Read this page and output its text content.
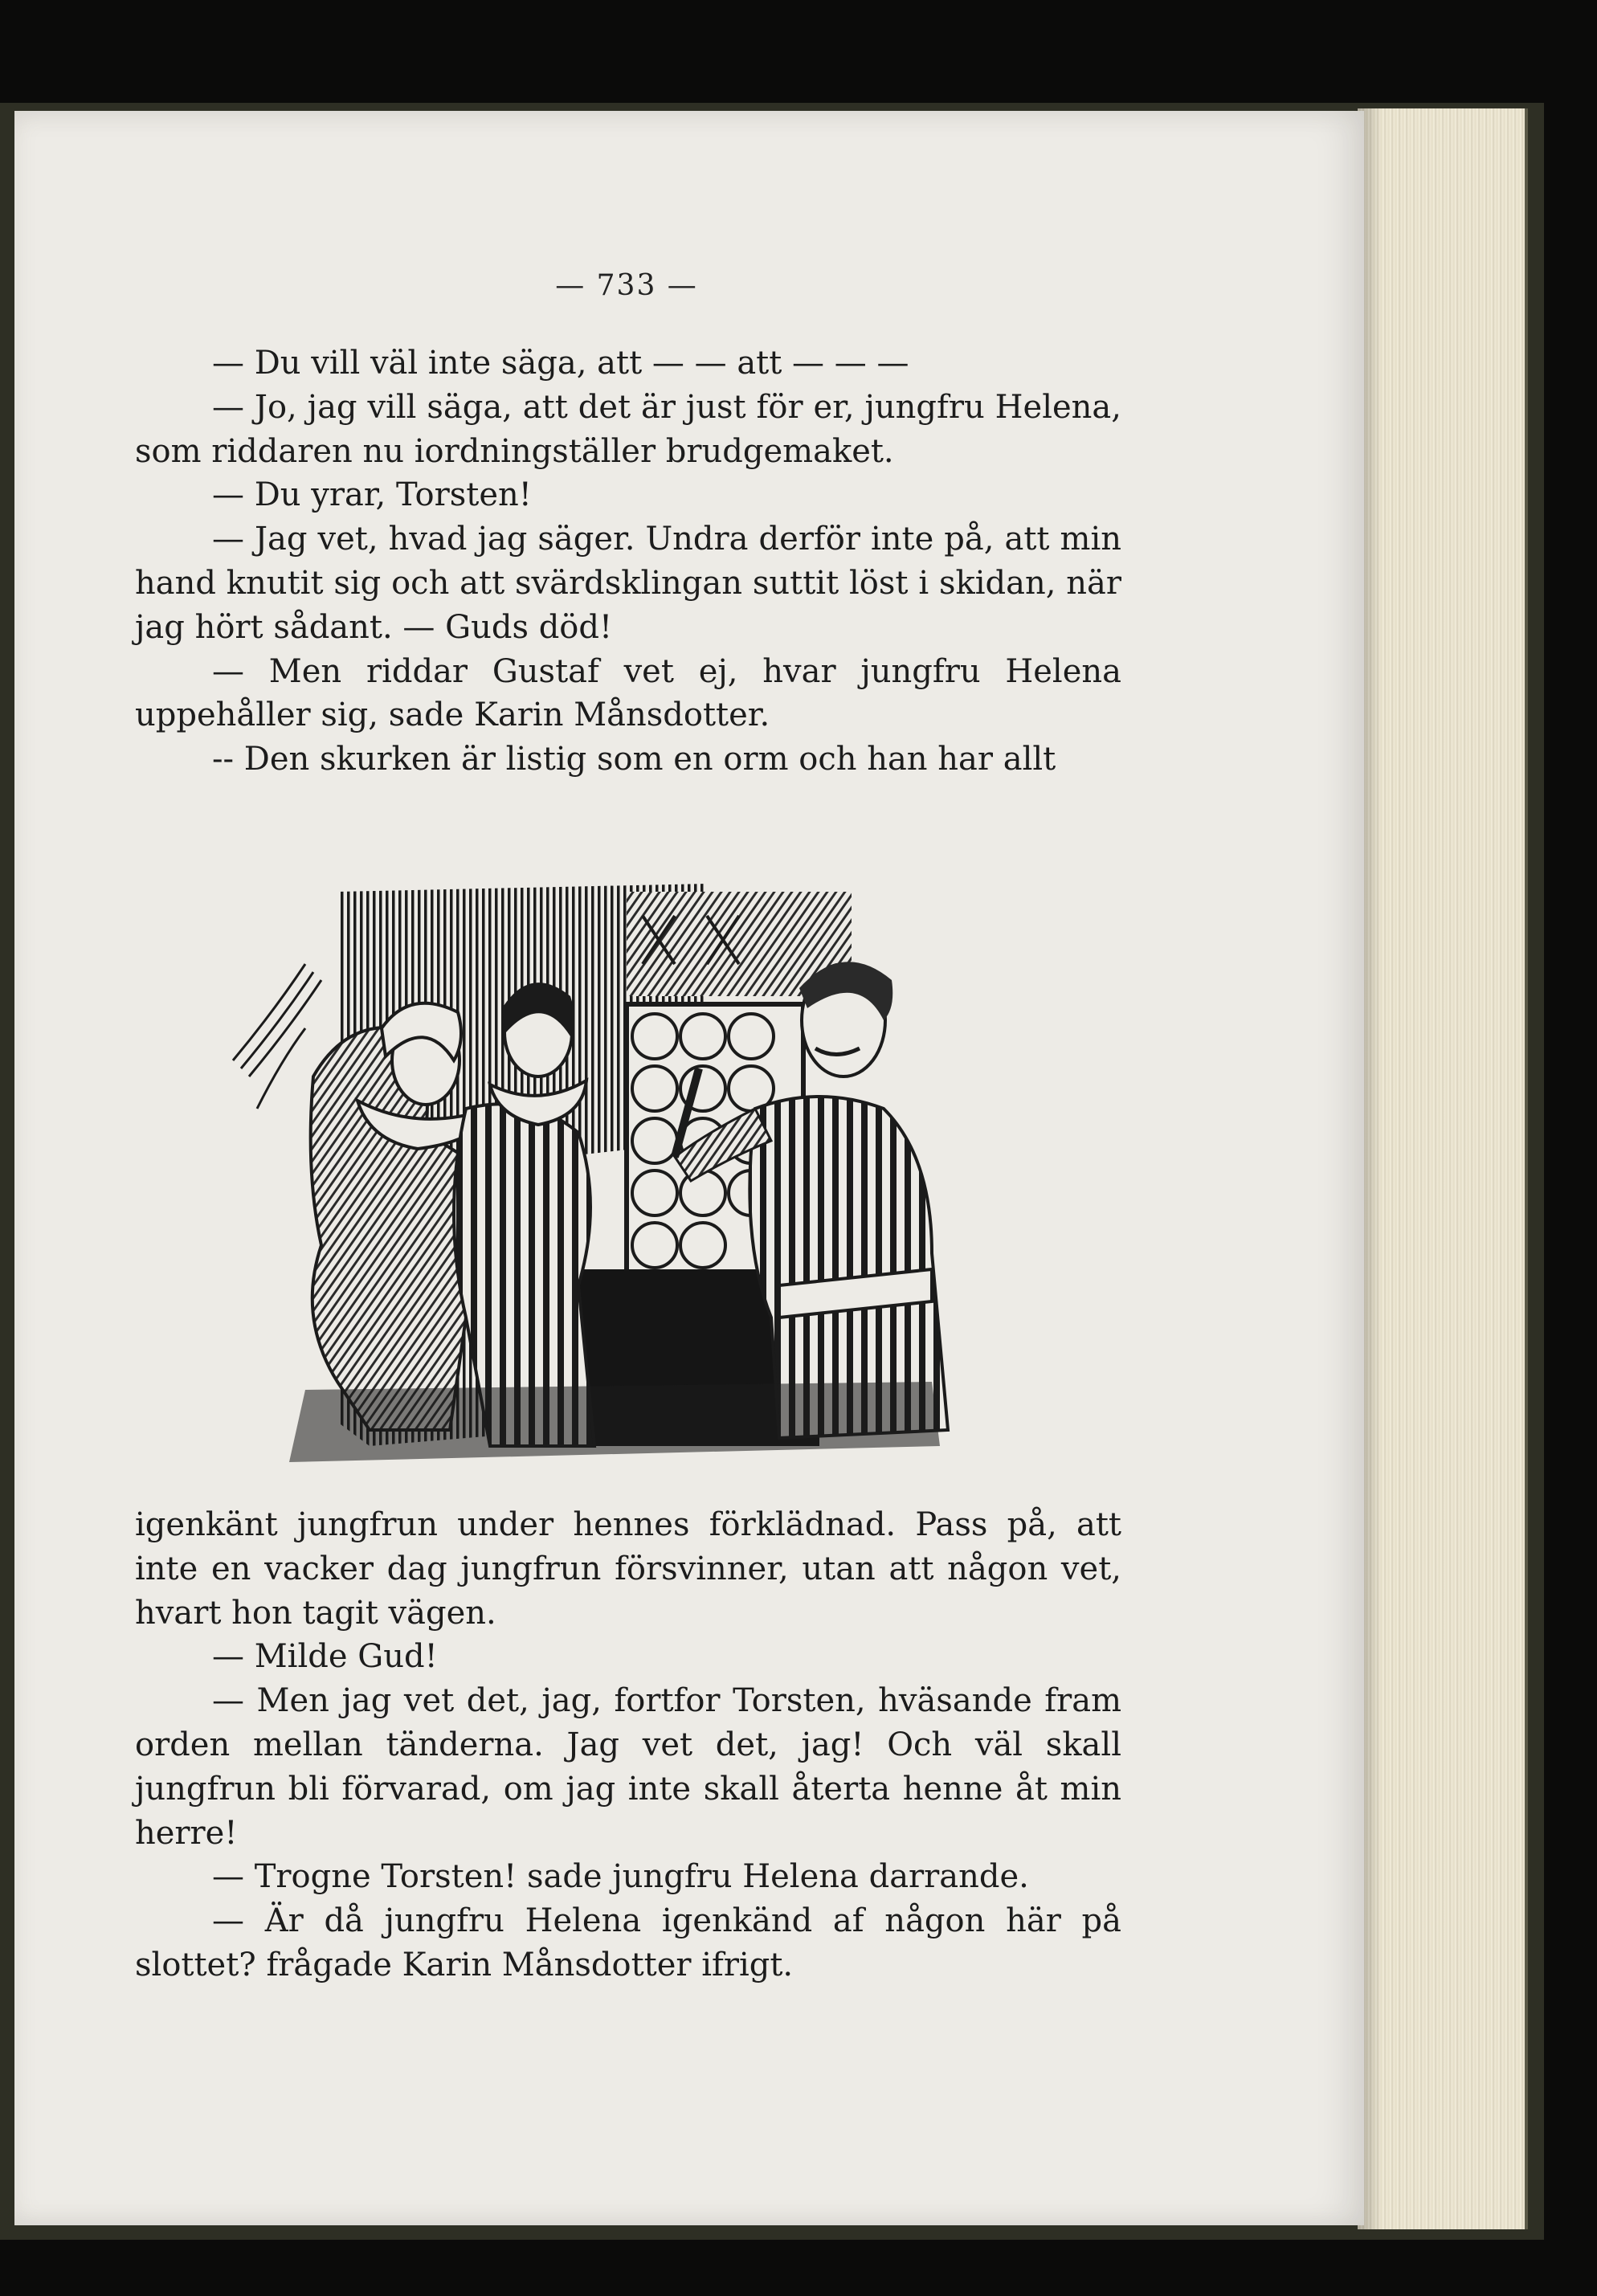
— 733 —

— Du vill väl inte säga, att — — att — — —

— Jo, jag vill säga, att det är just för er, jungfru Helena, som riddaren nu iordningställer brudgemaket.

— Du yrar, Torsten!

— Jag vet, hvad jag säger. Undra derför inte på, att min hand knutit sig och att svärdsklingan suttit löst i skidan, när jag hört sådant. — Guds död!

— Men riddar Gustaf vet ej, hvar jungfru Helena uppehåller sig, sade Karin Månsdotter.

-- Den skurken är listig som en orm och han har allt

igenkänt jungfrun under hennes förklädnad. Pass på, att inte en vacker dag jungfrun försvinner, utan att någon vet, hvart hon tagit vägen.

— Milde Gud!

— Men jag vet det, jag, fortfor Torsten, hväsande fram orden mellan tänderna. Jag vet det, jag! Och väl skall jungfrun bli förvarad, om jag inte skall återta henne åt min herre!

— Trogne Torsten! sade jungfru Helena darrande.

— Är då jungfru Helena igenkänd af någon här på slottet? frågade Karin Månsdotter ifrigt.
